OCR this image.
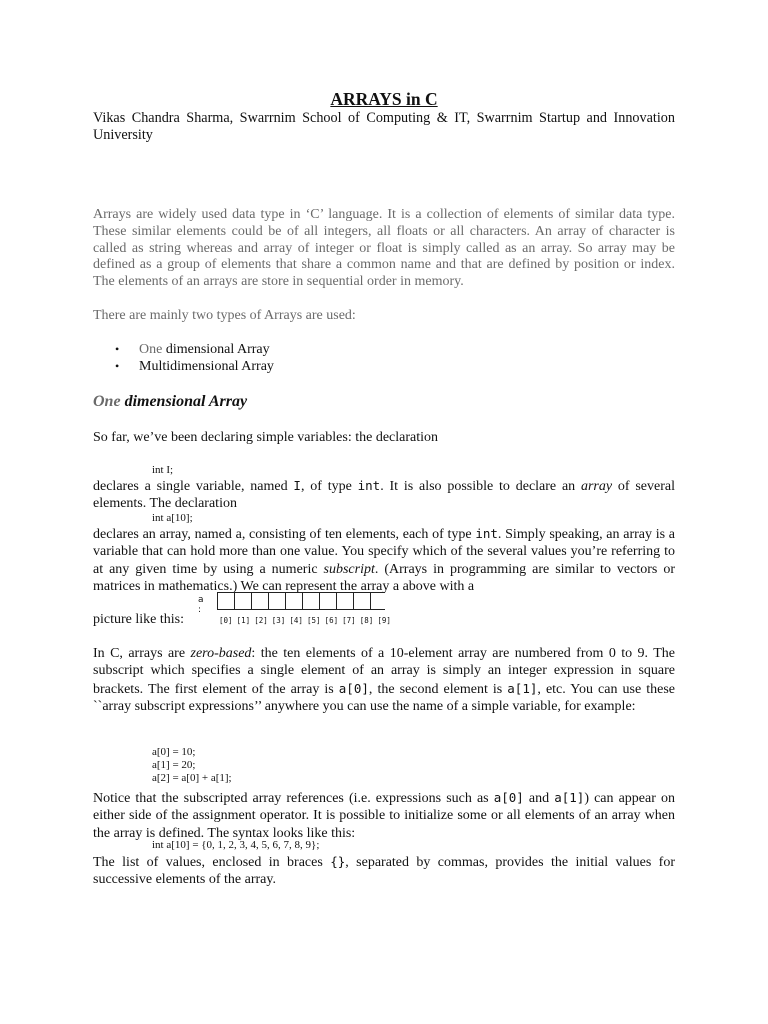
ARRAYS in C
Vikas Chandra Sharma, Swarrnim School of Computing & IT, Swarrnim Startup and Innovation University

Arrays are widely used data type in ‘C’ language. It is a collection of elements of similar data type. These similar elements could be of all integers, all floats or all characters. An array of character is called as string whereas and array of integer or float is simply called as an array. So array may be defined as a group of elements that share a common name and that are defined by position or index. The elements of an arrays are store in sequential order in memory.

There are mainly two types of Arrays are used:

• One dimensional Array
• Multidimensional Array
One dimensional Array

So far, we’ve been declaring simple variables: the declaration

int I;

declares a single variable, named I, of type int. It is also possible to declare an array of several elements. The declaration

int a[10];

declares an array, named a, consisting of ten elements, each of type int. Simply speaking, an array is a variable that can hold more than one value. You specify which of the several values you’re referring to at any given time by using a numeric subscript. (Arrays in programming are similar to vectors or matrices in mathematics.) We can represent the array a above with a

a :
[0] [1] [2] [3] [4] [5] [6] [7] [8] [9]

picture like this:

In C, arrays are zero-based: the ten elements of a 10-element array are numbered from 0 to 9. The subscript which specifies a single element of an array is simply an integer expression in square brackets. The first element of the array is a[0], the second element is a[1], etc. You can use these ``array subscript expressions’’ anywhere you can use the name of a simple variable, for example:

a[0] = 10;
a[1] = 20;
a[2] = a[0] + a[1];

Notice that the subscripted array references (i.e. expressions such as a[0] and a[1]) can appear on either side of the assignment operator. It is possible to initialize some or all elements of an array when the array is defined. The syntax looks like this:

int a[10] = {0, 1, 2, 3, 4, 5, 6, 7, 8, 9};

The list of values, enclosed in braces {}, separated by commas, provides the initial values for successive elements of the array.
